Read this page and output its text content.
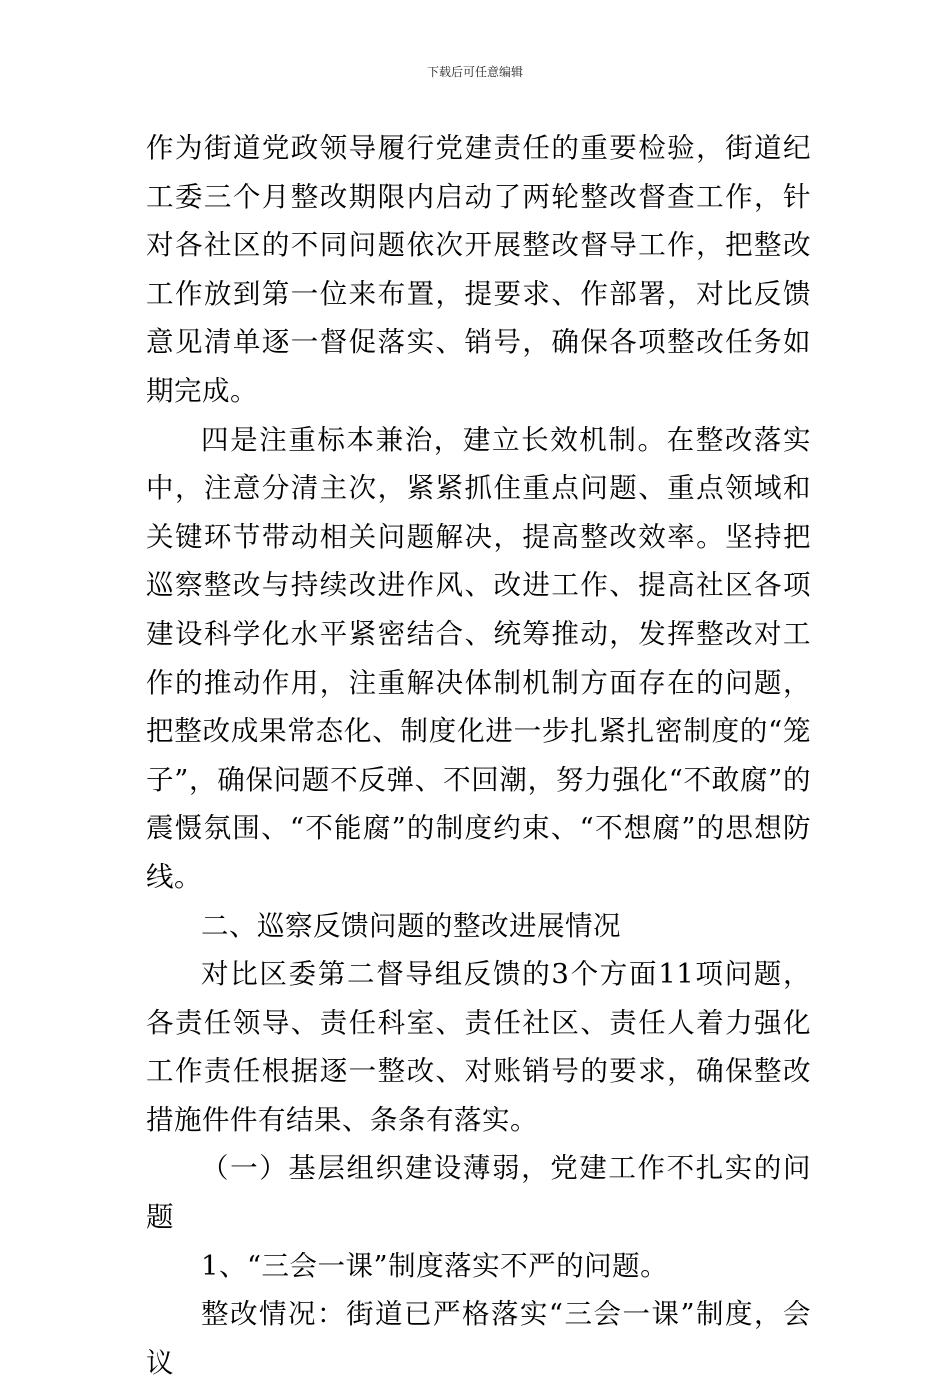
下载后可任意编辑

作为街道党政领导履行党建责任的重要检验，街道纪工委三个月整改期限内启动了两轮整改督查工作，针对各社区的不同问题依次开展整改督导工作，把整改工作放到第一位来布置，提要求、作部署，对比反馈意见清单逐一督促落实、销号，确保各项整改任务如期完成。

四是注重标本兼治，建立长效机制。在整改落实中，注意分清主次，紧紧抓住重点问题、重点领域和关键环节带动相关问题解决，提高整改效率。坚持把巡察整改与持续改进作风、改进工作、提高社区各项建设科学化水平紧密结合、统筹推动，发挥整改对工作的推动作用，注重解决体制机制方面存在的问题，把整改成果常态化、制度化进一步扎紧扎密制度的“笼子”，确保问题不反弹、不回潮，努力强化“不敢腐”的震慑氛围、“不能腐”的制度约束、“不想腐”的思想防线。

二、巡察反馈问题的整改进展情况

对比区委第二督导组反馈的3个方面11项问题，各责任领导、责任科室、责任社区、责任人着力强化工作责任根据逐一整改、对账销号的要求，确保整改措施件件有结果、条条有落实。

（一）基层组织建设薄弱，党建工作不扎实的问题

1、“三会一课”制度落实不严的问题。

整改情况：街道已严格落实“三会一课”制度，会议
